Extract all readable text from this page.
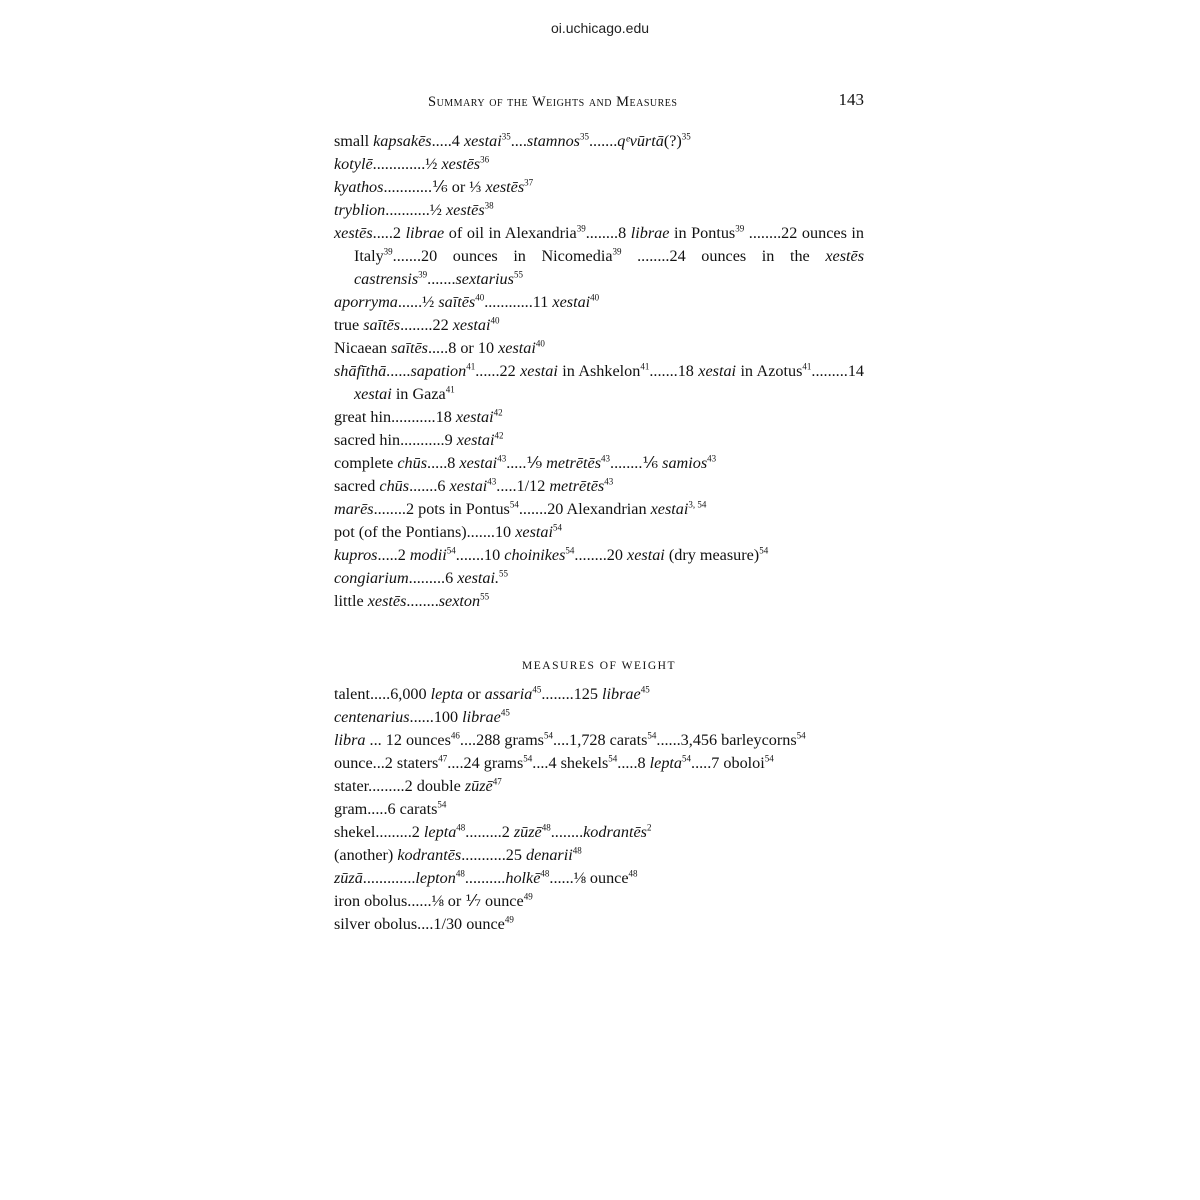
oi.uchicago.edu
Summary of the Weights and Measures	143
small kapsakēs.....4 xestai$^{35}$....stamnos$^{35}$.......qᵉvūrtā(?)$^{35}$
kotylē.............½ xestēs$^{36}$
kyathos............⅙ or ⅓ xestēs$^{37}$
tryblion...........½ xestēs$^{38}$
xestēs.....2 librae of oil in Alexandria$^{39}$........8 librae in Pontus$^{39}$ ........22 ounces in Italy$^{39}$.......20 ounces in Nicomedia$^{39}$ ........24 ounces in the xestēs castrensis$^{39}$.......sextarius$^{55}$
aporryma......½ saītēs$^{40}$............11 xestai$^{40}$
true saītēs........22 xestai$^{40}$
Nicaean saītēs.....8 or 10 xestai$^{40}$
shāfīthā......sapation$^{41}$......22 xestai in Ashkelon$^{41}$.......18 xestai in Azotus$^{41}$.........14 xestai in Gaza$^{41}$
great hin...........18 xestai$^{42}$
sacred hin...........9 xestai$^{42}$
complete chūs.....8 xestai$^{43}$.....⅑ metrētēs$^{43}$........⅙ samios$^{43}$
sacred chūs.......6 xestai$^{43}$.....1/12 metrētēs$^{43}$
marēs........2 pots in Pontus$^{54}$.......20 Alexandrian xestai$^{3, 54}$
pot (of the Pontians).......10 xestai$^{54}$
kupros.....2 modii$^{54}$.......10 choinikes$^{54}$........20 xestai (dry measure)$^{54}$
congiarium.........6 xestai.$^{55}$
little xestēs........sexton$^{55}$
MEASURES OF WEIGHT
talent.....6,000 lepta or assaria$^{45}$........125 librae$^{45}$
centenarius......100 librae$^{45}$
libra ... 12 ounces$^{46}$....288 grams$^{54}$....1,728 carats$^{54}$......3,456 barleycorns$^{54}$
ounce...2 staters$^{47}$....24 grams$^{54}$....4 shekels$^{54}$.....8 lepta$^{54}$.....7 oboloi$^{54}$
stater.........2 double zūzē$^{47}$
gram.....6 carats$^{54}$
shekel.........2 lepta$^{48}$.........2 zūzē$^{48}$........kodrantēs$^2$
(another) kodrantēs...........25 denarii$^{48}$
zūzā.............lepton$^{48}$..........holkē$^{48}$......⅛ ounce$^{48}$
iron obolus......⅛ or ⅐ ounce$^{49}$
silver obolus....1/30 ounce$^{49}$
